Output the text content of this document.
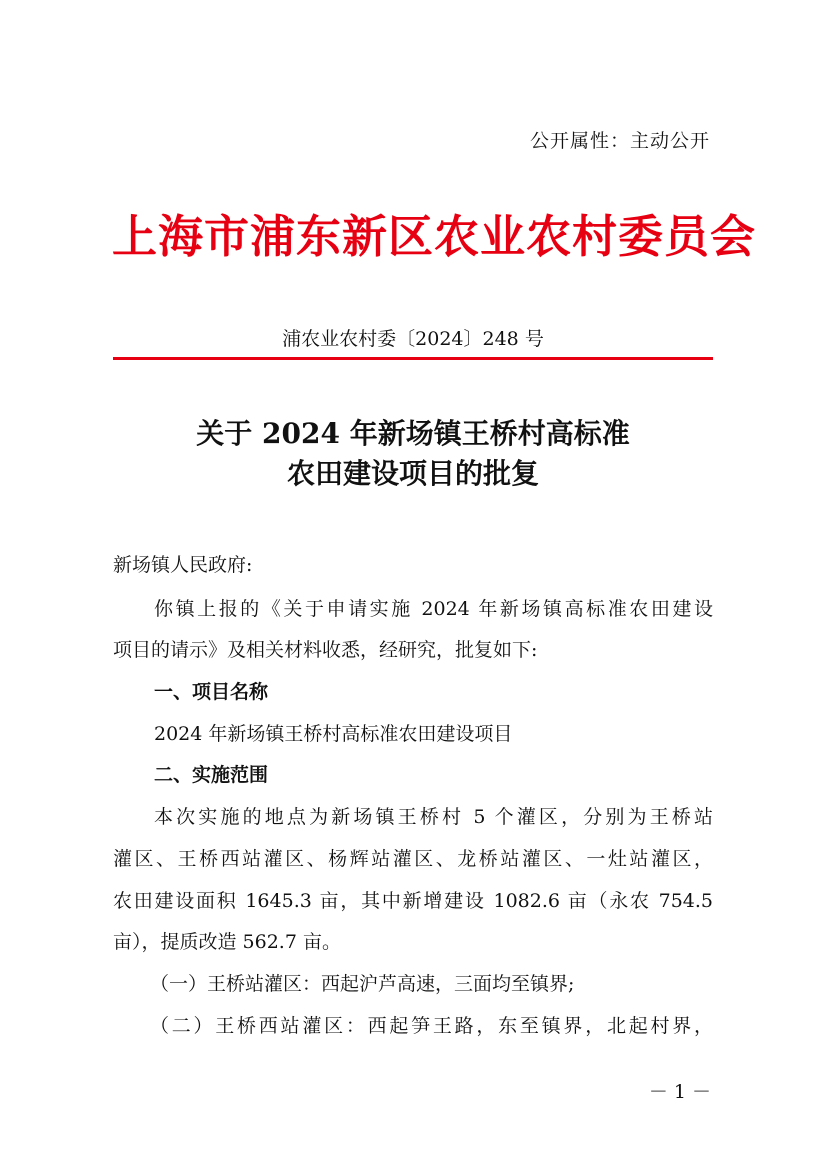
公开属性：主动公开
上海市浦东新区农业农村委员会
浦农业农村委〔2024〕248 号
关于 2024 年新场镇王桥村高标准
农田建设项目的批复
新场镇人民政府:
你镇上报的《关于申请实施 2024 年新场镇高标准农田建设
项目的请示》及相关材料收悉，经研究，批复如下:
一、项目名称
2024 年新场镇王桥村高标准农田建设项目
二、实施范围
本次实施的地点为新场镇王桥村 5 个灌区，分别为王桥站
灌区、王桥西站灌区、杨辉站灌区、龙桥站灌区、一灶站灌区，
农田建设面积 1645.3 亩，其中新增建设 1082.6 亩（永农 754.5
亩），提质改造 562.7 亩。
（一）王桥站灌区：西起沪芦高速，三面均至镇界;
（二）王桥西站灌区：西起笋王路，东至镇界，北起村界，
－ 1 －
